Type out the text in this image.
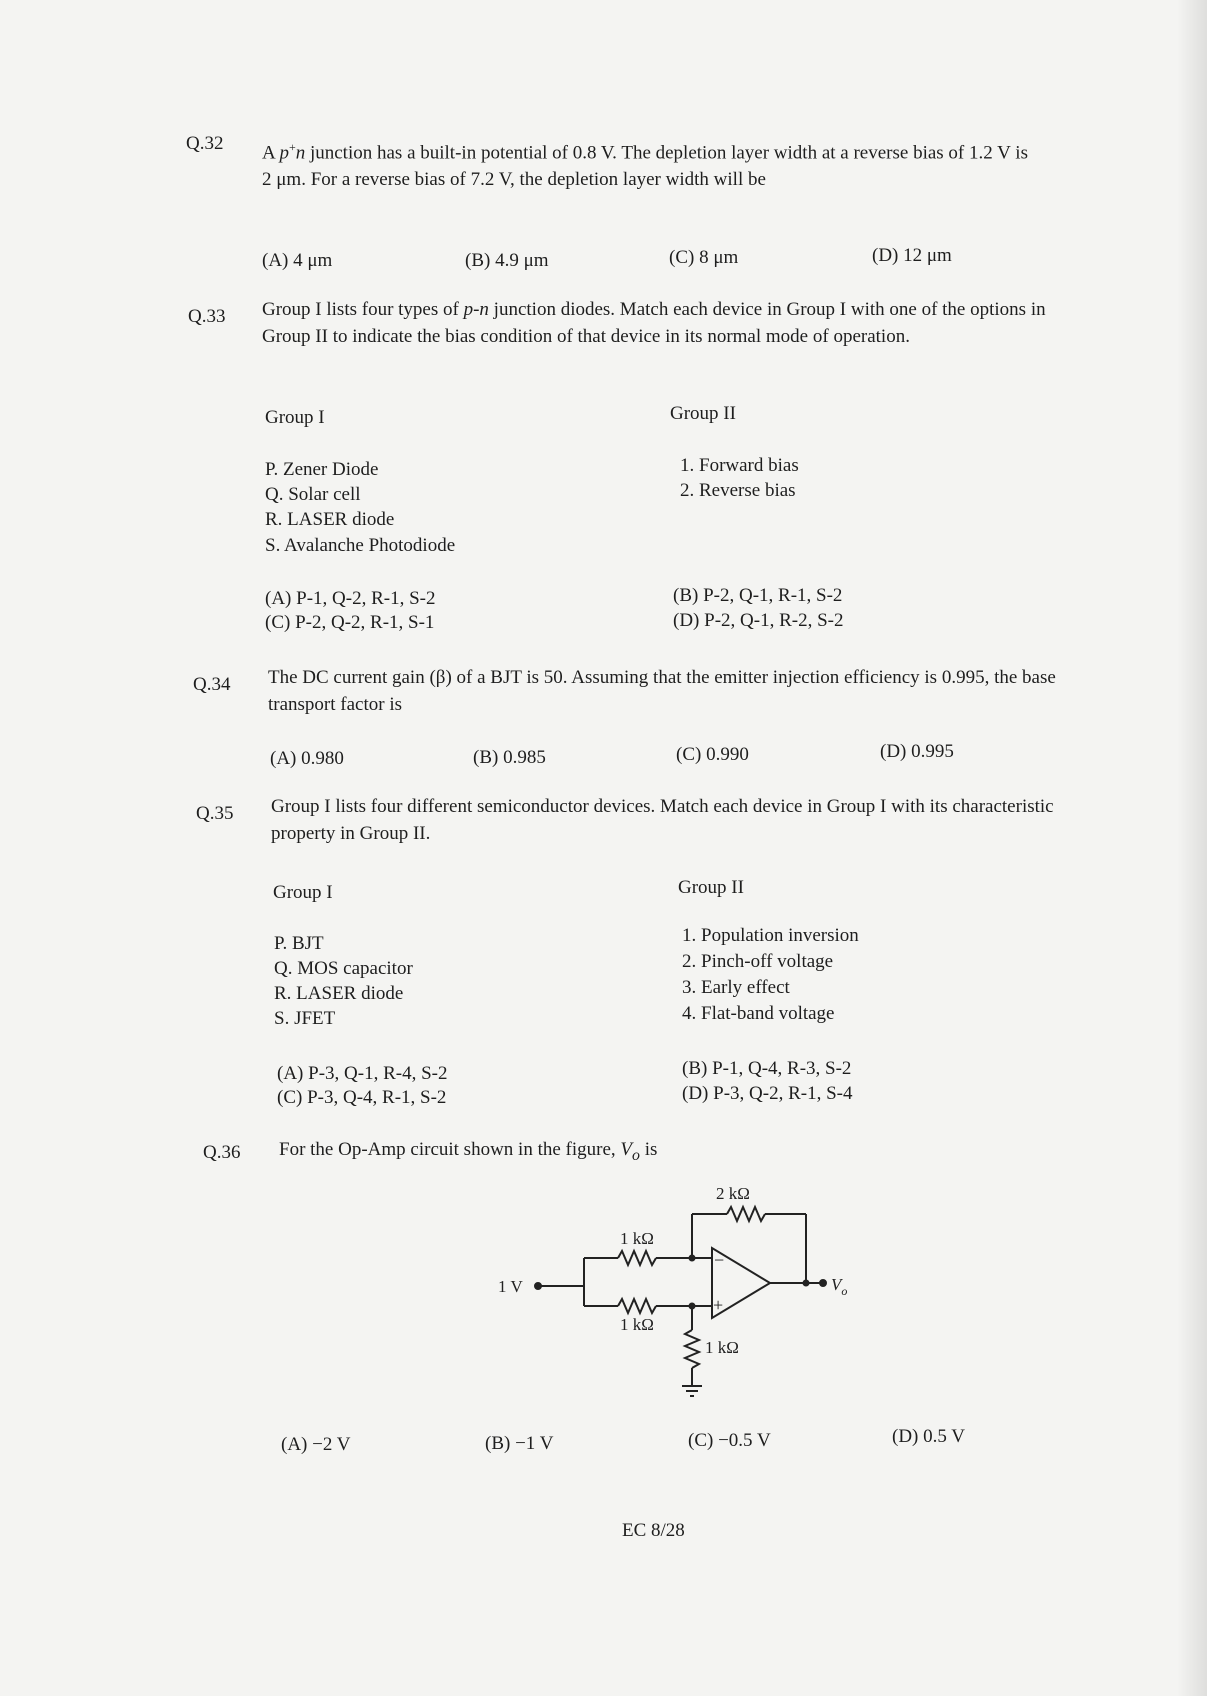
Q.32 A p+n junction has a built-in potential of 0.8 V. The depletion layer width at a reverse bias of 1.2 V is 2 μm. For a reverse bias of 7.2 V, the depletion layer width will be
(A) 4 μm	(B) 4.9 μm	(C) 8 μm	(D) 12 μm
Q.33 Group I lists four types of p-n junction diodes. Match each device in Group I with one of the options in Group II to indicate the bias condition of that device in its normal mode of operation.
Group I	Group II
P. Zener Diode
Q. Solar cell
R. LASER diode
S. Avalanche Photodiode
1. Forward bias
2. Reverse bias
(A) P-1, Q-2, R-1, S-2	(B) P-2, Q-1, R-1, S-2
(C) P-2, Q-2, R-1, S-1	(D) P-2, Q-1, R-2, S-2
Q.34 The DC current gain (β) of a BJT is 50. Assuming that the emitter injection efficiency is 0.995, the base transport factor is
(A) 0.980	(B) 0.985	(C) 0.990	(D) 0.995
Q.35 Group I lists four different semiconductor devices. Match each device in Group I with its characteristic property in Group II.
Group I	Group II
P. BJT
Q. MOS capacitor
R. LASER diode
S. JFET
1. Population inversion
2. Pinch-off voltage
3. Early effect
4. Flat-band voltage
(A) P-3, Q-1, R-4, S-2	(B) P-1, Q-4, R-3, S-2
(C) P-3, Q-4, R-1, S-2	(D) P-3, Q-2, R-1, S-4
Q.36 For the Op-Amp circuit shown in the figure, $V_o$ is
2 kΩ
1 kΩ
1 kΩ
1 kΩ
1 V	$V_o$
−
+
(A) −2 V	(B) −1 V	(C) −0.5 V	(D) 0.5 V
EC 8/28
